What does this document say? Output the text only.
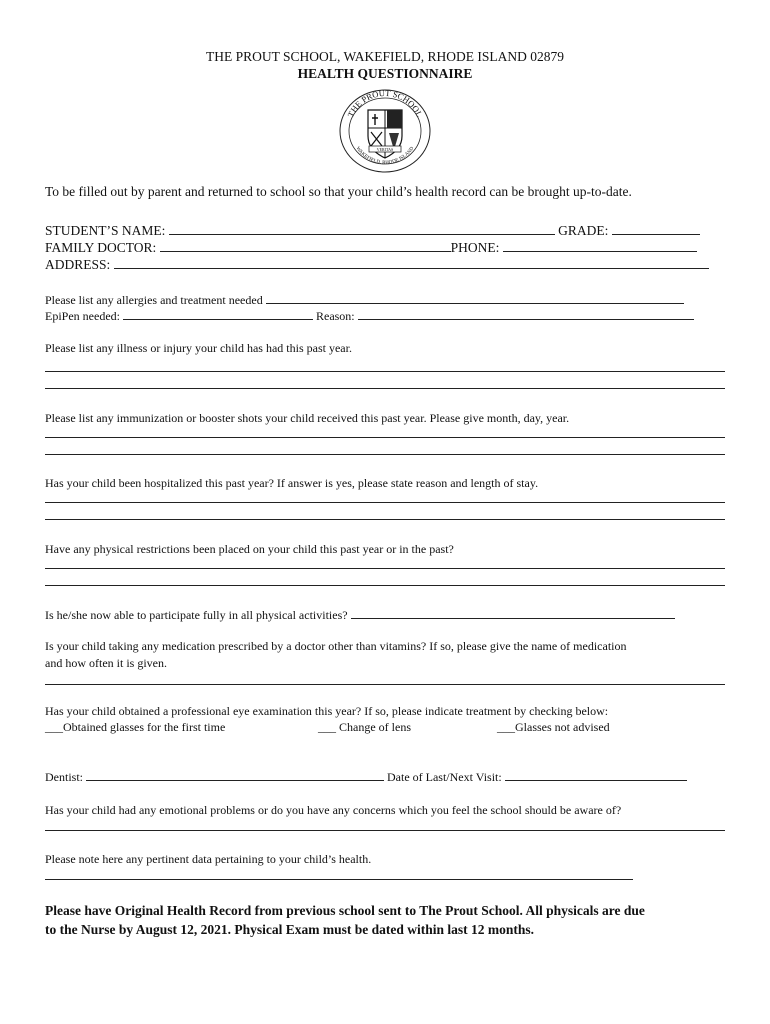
THE PROUT SCHOOL, WAKEFIELD, RHODE ISLAND 02879
HEALTH QUESTIONNAIRE
THE PROUT SCHOOL
WAKEFIELD, RHODE ISLAND
VERITAS
To be filled out by parent and returned to school so that your child’s health record can be brought up-to-date.
STUDENT’S NAME:	GRADE:
FAMILY DOCTOR:	PHONE:
ADDRESS:
Please list any allergies and treatment needed
EpiPen needed:	Reason:
Please list any illness or injury your child has had this past year.
Please list any immunization or booster shots your child received this past year. Please give month, day, year.
Has your child been hospitalized this past year? If answer is yes, please state reason and length of stay.
Have any physical restrictions been placed on your child this past year or in the past?
Is he/she now able to participate fully in all physical activities?
Is your child taking any medication prescribed by a doctor other than vitamins? If so, please give the name of medication
and how often it is given.
Has your child obtained a professional eye examination this year? If so, please indicate treatment by checking below:
___Obtained glasses for the first time	___ Change of lens	___Glasses not advised
Dentist:	Date of Last/Next Visit:
Has your child had any emotional problems or do you have any concerns which you feel the school should be aware of?
Please note here any pertinent data pertaining to your child’s health.
Please have Original Health Record from previous school sent to The Prout School. All physicals are due
to the Nurse by August 12, 2021. Physical Exam must be dated within last 12 months.
